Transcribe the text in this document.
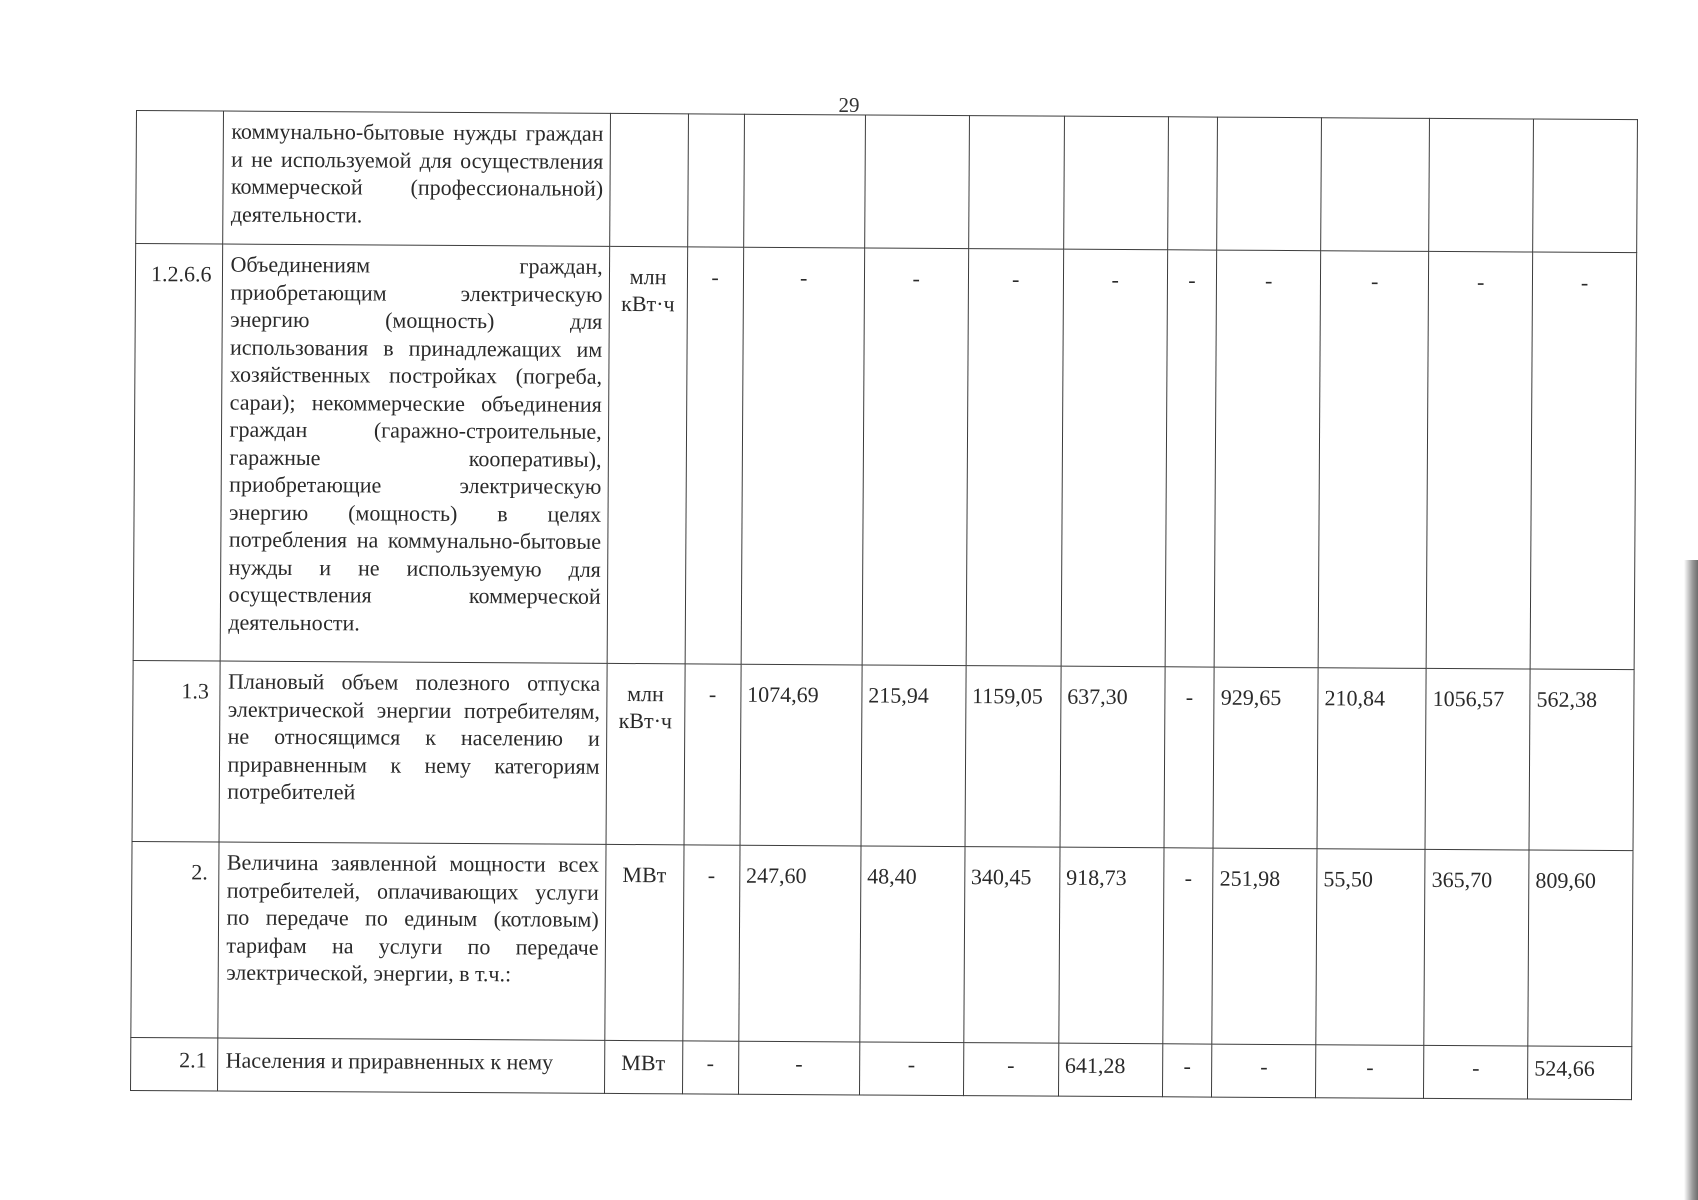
29
	коммунально-бытовые нужды граждан и не используемой для осуществления коммерческой (профессиональной) деятельности.											
1.2.6.6	Объединениям граждан, приобретающим электрическую энергию (мощность) для использования в принадлежащих им хозяйственных постройках (погреба, сараи); некоммерческие объединения граждан (гаражно-строительные, гаражные кооперативы), приобретающие электрическую энергию (мощность) в целях потребления на коммунально-бытовые нужды и не используемую для осуществления коммерческой деятельности.	млн кВт·ч	-	-	-	-	-	-	-	-	-	-
1.3	Плановый объем полезного отпуска электрической энергии потребителям, не относящимся к населению и приравненным к нему категориям потребителей	млн кВт·ч	-	1074,69	215,94	1159,05	637,30	-	929,65	210,84	1056,57	562,38
2.	Величина заявленной мощности всех потребителей, оплачивающих услуги по передаче по единым (котловым) тарифам на услуги по передаче электрической, энергии, в т.ч.:	МВт	-	247,60	48,40	340,45	918,73	-	251,98	55,50	365,70	809,60
2.1	Населения и приравненных к нему	МВт	-	-	-	-	641,28	-	-	-	-	524,66
